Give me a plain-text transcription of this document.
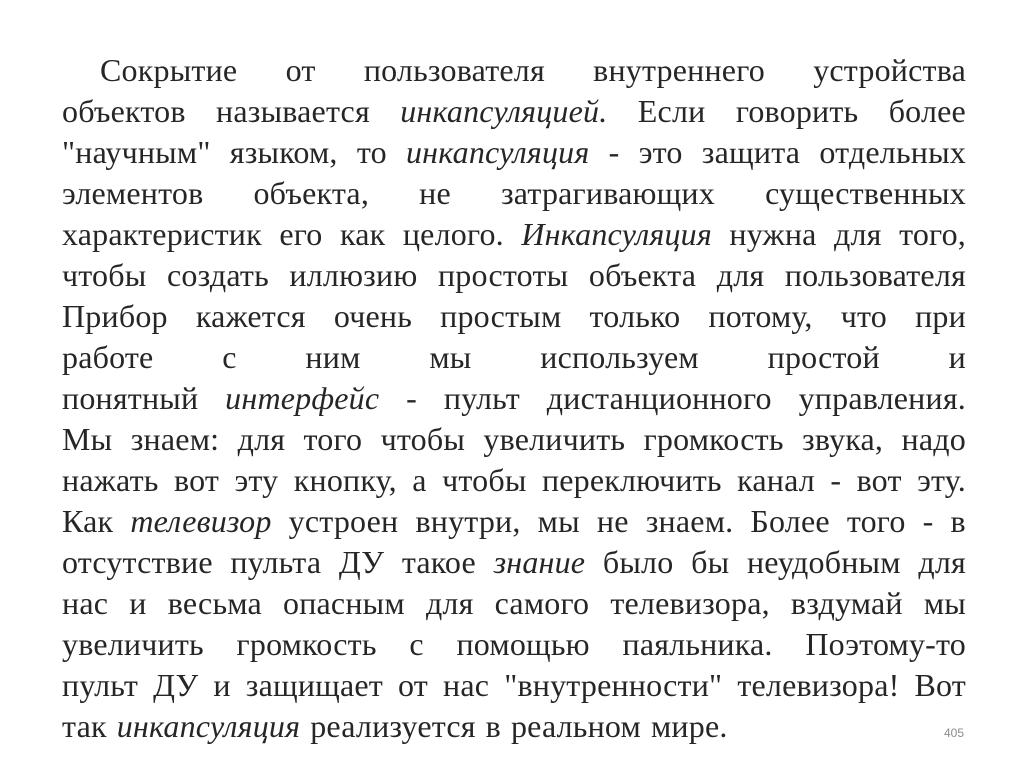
Сокрытие от пользователя внутреннего устройства
объектов называется инкапсуляцией. Если говорить более
"научным" языком, то инкапсуляция - это защита отдельных
элементов объекта, не затрагивающих существенных
характеристик его как целого. Инкапсуляция нужна для того,
чтобы создать иллюзию простоты объекта для пользователя
Прибор кажется очень простым только потому, что при
работе с ним мы используем простой и
понятный интерфейс - пульт дистанционного управления.
Мы знаем: для того чтобы увеличить громкость звука, надо
нажать вот эту кнопку, а чтобы переключить канал - вот эту.
Как телевизор устроен внутри, мы не знаем. Более того - в
отсутствие пульта ДУ такое знание было бы неудобным для
нас и весьма опасным для самого телевизора, вздумай мы
увеличить громкость с помощью паяльника. Поэтому-то
пульт ДУ и защищает от нас "внутренности" телевизора! Вот
так инкапсуляция реализуется в реальном мире.	405
